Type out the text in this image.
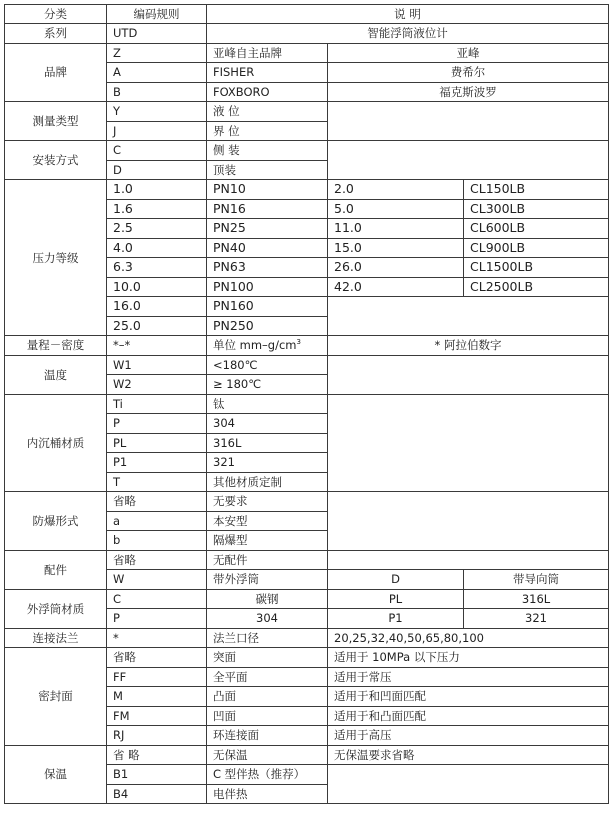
分类	编码规则	说 明		
系列	UTD	智能浮筒液位计		
品牌	Z	亚峰自主品牌	亚峰	
	A	FISHER	费希尔	
	B	FOXBORO	福克斯波罗	
测量类型	Y	液 位		
	J	界 位		
安装方式	C	侧 装		
	D	顶装		
压力等级	1.0	PN10	2.0	CL150LB
	1.6	PN16	5.0	CL300LB
	2.5	PN25	11.0	CL600LB
	4.0	PN40	15.0	CL900LB
	6.3	PN63	26.0	CL1500LB
	10.0	PN100	42.0	CL2500LB
	16.0	PN160		
	25.0	PN250		
量程－密度	*–*	单位 $mm-g/cm^3$	* 阿拉伯数字	
温度	W1	<180℃		
	W2	≥ 180℃		
内沉桶材质	Ti	钛		
	P	304		
	PL	316L		
	P1	321		
	T	其他材质定制		
防爆形式	省略	无要求		
	a	本安型		
	b	隔爆型		
配件	省略	无配件		
	W	带外浮筒	D	带导向筒
外浮筒材质	C	碳钢	PL	316L
	P	304	P1	321
连接法兰	*	法兰口径	20,25,32,40,50,65,80,100	
密封面	省略	突面	适用于 10MPa 以下压力	
	FF	全平面	适用于常压	
	M	凸面	适用于和凹面匹配	
	FM	凹面	适用于和凸面匹配	
	RJ	环连接面	适用于高压	
保温	省 略	无保温	无保温要求省略	
	B1	C 型伴热（推荐）		
	B4	电伴热		
